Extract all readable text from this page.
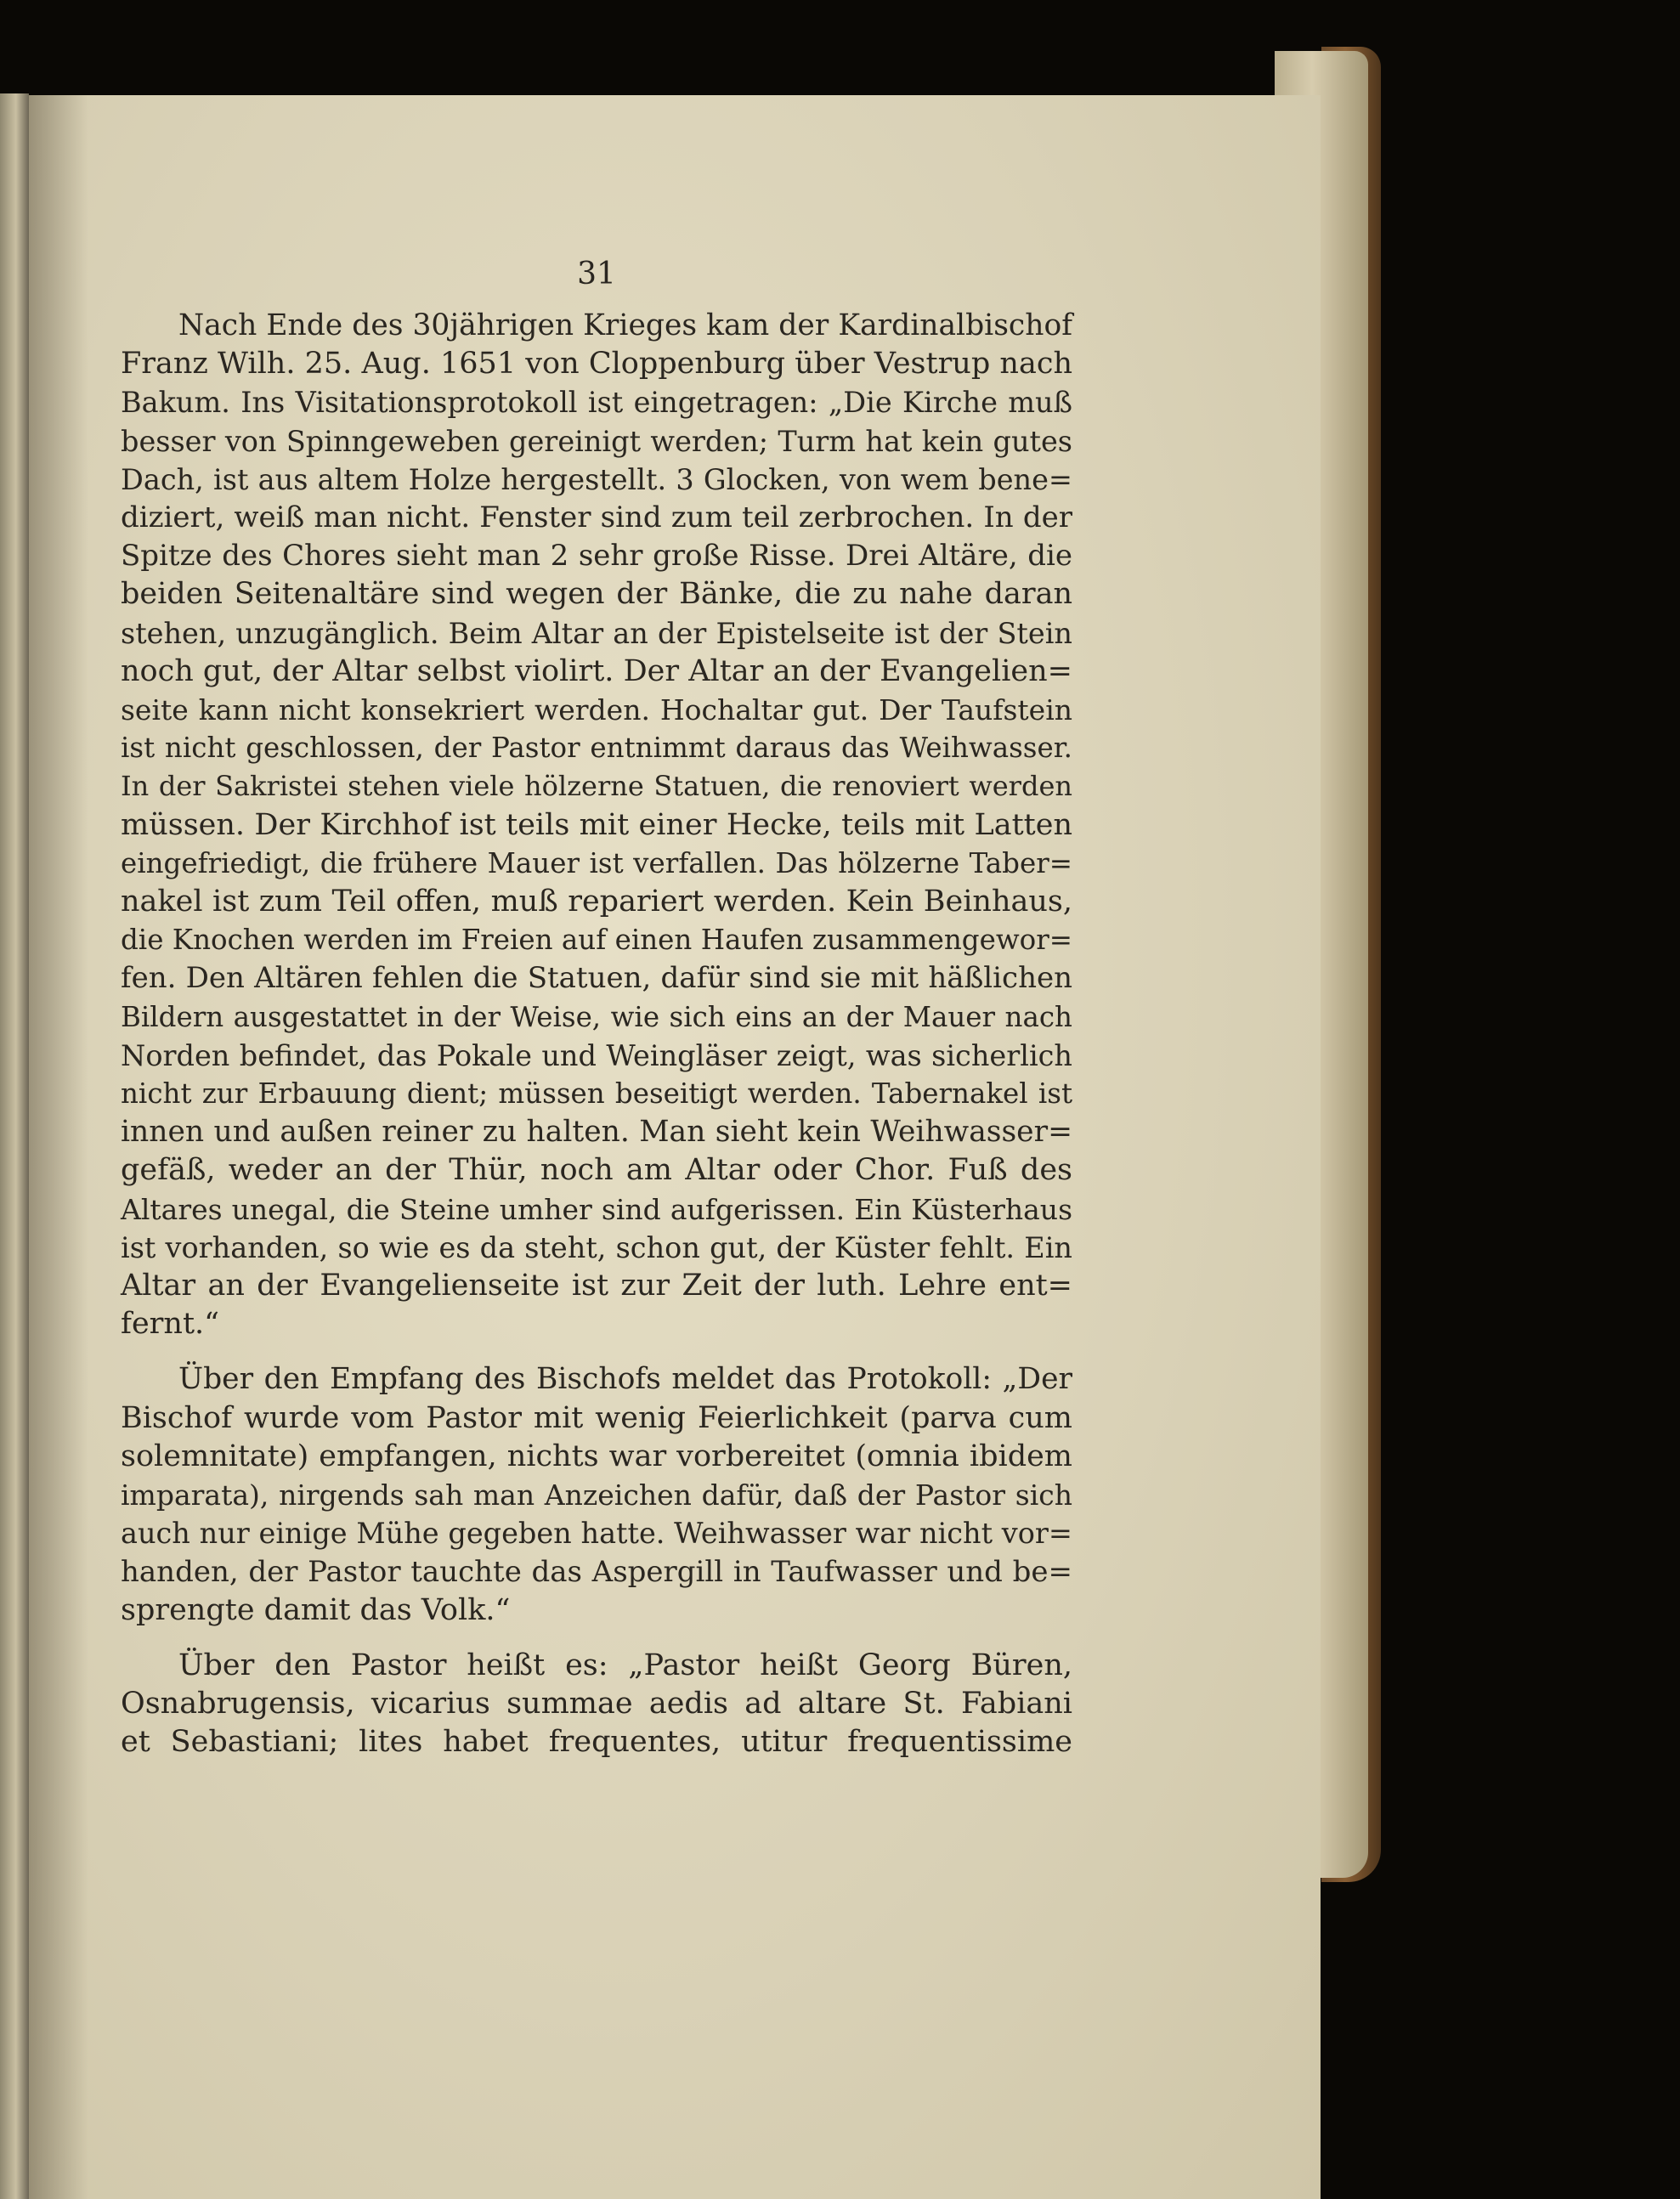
31
Nach Ende des 30jährigen Krieges kam der Kardinalbischof
Franz Wilh. 25. Aug. 1651 von Cloppenburg über Vestrup nach
Bakum. Ins Visitationsprotokoll ist eingetragen: „Die Kirche muß
besser von Spinngeweben gereinigt werden; Turm hat kein gutes
Dach, ist aus altem Holze hergestellt. 3 Glocken, von wem bene=
diziert, weiß man nicht. Fenster sind zum teil zerbrochen. In der
Spitze des Chores sieht man 2 sehr große Risse. Drei Altäre, die
beiden Seitenaltäre sind wegen der Bänke, die zu nahe daran
stehen, unzugänglich. Beim Altar an der Epistelseite ist der Stein
noch gut, der Altar selbst violirt. Der Altar an der Evangelien=
seite kann nicht konsekriert werden. Hochaltar gut. Der Taufstein
ist nicht geschlossen, der Pastor entnimmt daraus das Weihwasser.
In der Sakristei stehen viele hölzerne Statuen, die renoviert werden
müssen. Der Kirchhof ist teils mit einer Hecke, teils mit Latten
eingefriedigt, die frühere Mauer ist verfallen. Das hölzerne Taber=
nakel ist zum Teil offen, muß repariert werden. Kein Beinhaus,
die Knochen werden im Freien auf einen Haufen zusammengewor=
fen. Den Altären fehlen die Statuen, dafür sind sie mit häßlichen
Bildern ausgestattet in der Weise, wie sich eins an der Mauer nach
Norden befindet, das Pokale und Weingläser zeigt, was sicherlich
nicht zur Erbauung dient; müssen beseitigt werden. Tabernakel ist
innen und außen reiner zu halten. Man sieht kein Weihwasser=
gefäß, weder an der Thür, noch am Altar oder Chor. Fuß des
Altares unegal, die Steine umher sind aufgerissen. Ein Küsterhaus
ist vorhanden, so wie es da steht, schon gut, der Küster fehlt. Ein
Altar an der Evangelienseite ist zur Zeit der luth. Lehre ent=
fernt.“
Über den Empfang des Bischofs meldet das Protokoll: „Der
Bischof wurde vom Pastor mit wenig Feierlichkeit (parva cum
solemnitate) empfangen, nichts war vorbereitet (omnia ibidem
imparata), nirgends sah man Anzeichen dafür, daß der Pastor sich
auch nur einige Mühe gegeben hatte. Weihwasser war nicht vor=
handen, der Pastor tauchte das Aspergill in Taufwasser und be=
sprengte damit das Volk.“
Über den Pastor heißt es: „Pastor heißt Georg Büren,
Osnabrugensis, vicarius summae aedis ad altare St. Fabiani
et Sebastiani; lites habet frequentes, utitur frequentissime
